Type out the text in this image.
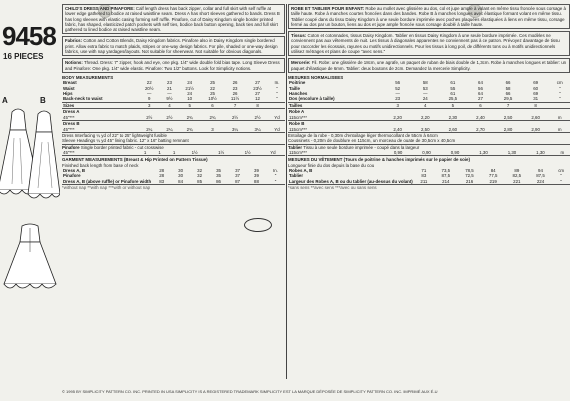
9458
16 PIECES
A	B
CHILD'S DRESS AND PINAFORE: Calf length dress has back zipper, collar and full skirt with self ruffle at lower edge gathered to bodice at raised waistline seam. Dress A has short sleeves gathered to bands. Dress B has long sleeves with elastic casing forming self ruffle. Pinafore, cut of Daisy Kingdom single border printed fabric, has shaped, elasticized patch pockets with self ties, bodice back button opening, back ties and full skirt gathered to lined bodice at raised waistline seam.
Fabrics: Cotton and Cotton Blends, Daisy Kingdom fabrics. Pinafore also in Daisy Kingdom single bordered print. Allow extra fabric to match plaids, stripes or one-way design fabrics. For pile, shaded or one-way design fabrics, use with nap yardages/layouts. Not suitable for sheerwear. Not suitable for obvious diagonals.
Notions: Thread. Dress: 7" zipper, hook and eye, one pkg. 1/4" wide double fold bias tape. Long Sleeve Dress and Pinafore: One pkg. 1/4" wide elastic. Pinafore: Two 1/2" buttons. Look for Simplicity notions.
BODY MEASUREMENTS
Breast	22	23	24	25	26	27	In.
Waist	20½	21	21½	22	23	23½	"
Hips	—	—	24	25	26	27	"
Back-neck to waist	9	9½	10	10½	11½	12	"
Sizes	3	4	5	6	7	8	
Dress A							
45"***	2½	2½	2¾	2¾	2½	2½	Yd
Dress B							
45"***	2¼	2¼	2¾	3	3¼	3¼	Yd
Dress Interfacing ¼ yd of 22" to 25" lightweight fusible
Sleeve Headings ¼ yd 45" lining fabric. 12" x 16" batting remnant
Pinafore Single border printed fabric - cut crosswise
45"***	1	1	1	1½	1½	1½	Yd
GARMENT MEASUREMENTS (Breast & Hip Printed on Pattern Tissue)
Finished back length from base of neck
Dress A, B	28	30	32	35	37	39	In.
Pinafore	28	30	32	35	37	39	"
Dress A, B (above ruffle) or Pinafore width	83	84	85	86	87	88	"
*without nap **with nap ***with or without nap
ROBE ET TABLIER POUR ENFANT: Robe au mollet avec glissière au dos, col et jupe ample à volant en même tissu froncée sous corsage à taille haute. Robe à manches courtes froncées dans des bandes. Robe B à manches longues avec élastique formant volant en même tissu. Tablier coupé dans du tissu Daisy Kingdom à une seule bordure imprimée avec poches plaquées élastiquées à liens en même tissu, corsage fermé au dos par un bouton, liens au dos et jupe ample froncée sous corsage doublé à taille haute.
Tissus: Coton et cotonnades, tissus Daisy Kingdom. Tablier en tissus Daisy Kingdom à une seule bordure imprimée. Ces modèles ne conviennent pas aux vêtements de nuit. Les tissus à diagonales apparentes ne conviennent pas à ce patron. Prévoyez davantage de tissu pour raccorder les écossais, rayures ou motifs unidirectionnels. Pour les tissus à long poil, de différents tons ou à motifs unidirectionnels utilisez métrages et plans de coupe "avec sens."
Mercerie: Fil. Robe: une glissière de 18cm, une agrafe, un paquet de ruban de biais double de 1,3cm. Robe à manches longues et tablier: un paquet d'élastique de 6mm. Tablier: deux boutons de 2cm. Demandez la mercerie Simplicity.
MESURES NORMALISEES
Poitrine	56	58	61	64	66	69	cm
Taille	52	53	55	56	58	60	"
Hanches	—	—	61	64	66	69	"
Dos (encolure à taille)	23	24	25,5	27	29,5	31	"
Tailles	3	4	5	6	7	8	
Robe A							
115cm***	2,20	2,20	2,30	2,40	2,50	2,60	m
Robe B							
115cm***	2,40	2,50	2,60	2,70	2,80	2,90	m
Entoilage de la robe - 0,30m d'entoilage léger thermocollant de 55cm à 64cm
Coussinets - 0,20m de doublure en 115cm, un morceau de ouate de 30,5cm x 40,5cm
Tablier Tissu à une seule bordure imprimée - coupé dans la largeur
115cm***	0,90	0,90	0,90	1,30	1,30	1,30	m
MESURES DU VÊTEMENT (Tours de poitrine & hanches imprimés sur le papier de soie)
Longueur finie du dos depuis la base du cou
Robes A, B	71	73,5	78,5	84	89	94	cm
Tablier	83	87,5	72,5	77,5	82,5	87,5	"
Largeur des Robes A, B ou du tablier (au-dessus du volant)	211	214	216	219	221	224	"
*sans sens **avec sens ***avec ou sans sens
© 1995 BY SIMPLICITY PATTERN CO. INC. PRINTED IN USA SIMPLICITY IS A REGISTERED TRADEMARK SIMPLICITY EST LA MARQUE DÉPOSÉE DE SIMPLICITY PATTERN CO. INC. IMPRIMÉ AUX É-U
